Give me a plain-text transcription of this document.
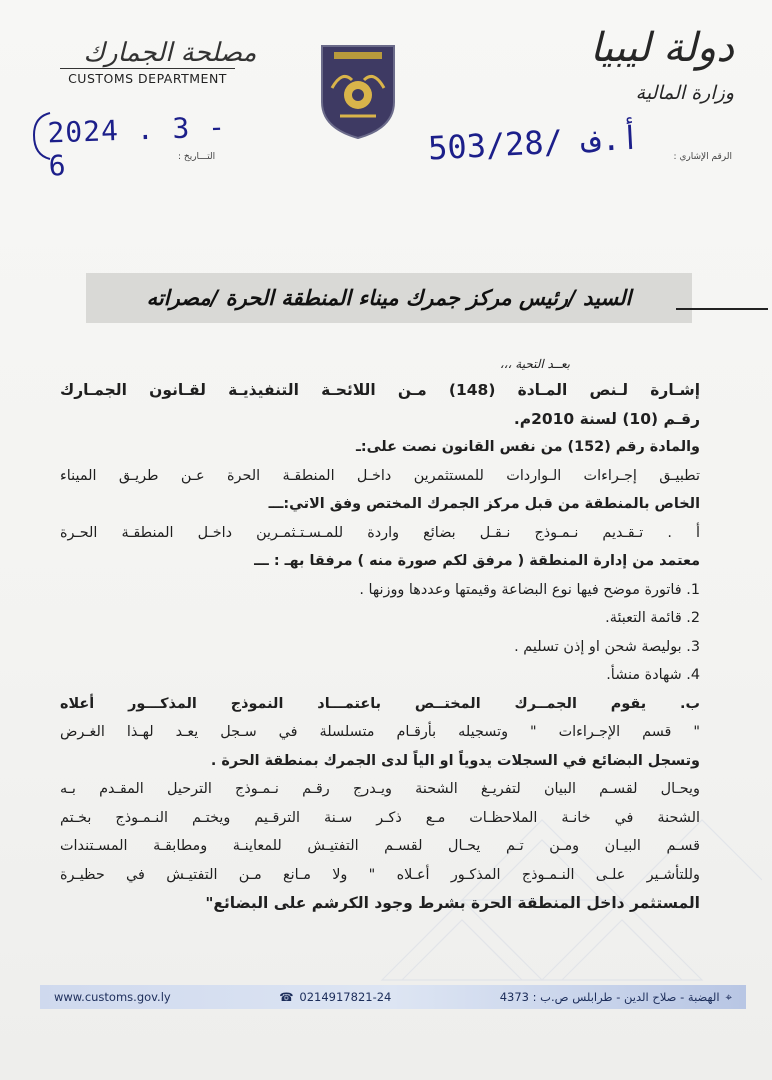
مصلحة الجمارك
CUSTOMS DEPARTMENT
2024 . 3 - 6	التـــاريخ :
دولة ليبيا
وزارة المالية
503/28/ أ.ف	الرقم الإشاري :
السيد /رئيس مركز جمرك ميناء المنطقة الحرة /مصراته
بعــد التحية ،،،

إشـارة لـنص المـادة (148) مـن اللائحـة التنفيذيـة لقـانون الجمـارك

رقـم (10) لسنة 2010م.

والمادة رقم (152) من نفس القانون نصت على:ـ

تطبيـق إجـراءات الـواردات للمستثمرين داخـل المنطقـة الحرة عـن طريـق الميناء

الخاص بالمنطقة من قبل مركز الجمرك المختص وفق الاتي:ـــ

أ . تـقـديم نـمـوذج نـقـل بضائع واردة للمـسـتـثمـرين داخـل المنطقـة الحـرة

معتمد من إدارة المنطقة ( مرفق لكم صورة منه ) مرفقا بهـ : ـــ

1. فاتورة موضح فيها نوع البضاعة وقيمتها وعددها ووزنها .

2. قائمة التعبئة.

3. بوليصة شحن او إذن تسليم .

4. شهادة منشأ.

ب. يقوم الجمــرك المختــص باعتمـــاد النموذج المذكـــور أعلاه

" قسم الإجـراءات " وتسجيله بأرقـام متسلسلة في سـجل يعـد لهـذا الغـرض

وتسجل البضائع في السجلات يدوياً او الياً لدى الجمرك بمنطقة الحرة .

ويحـال لقسـم البيان لتفريـغ الشحنة ويـدرج رقـم نـمـوذج الترحيل المقـدم بـه

الشحنة في خانـة الملاحظـات مـع ذكـر سـنة الترقـيم ويختـم النـمـوذج بخـتم

قسـم البيـان ومـن تـم يحـال لقسـم التفتيـش للمعاينـة ومطابقـة المسـتندات

وللتأشـير علـى النـمـوذج المذكـور أعـلاه " ولا مـانع مـن التفتيـش في حظيـرة

المستثمر داخل المنطقة الحرة بشرط وجود الكرشم على البضائع"

www.customs.gov.ly	☎ 0214917821-24	⌖
الهضبة - صلاح الدين - طرابلس ص.ب : 4373
